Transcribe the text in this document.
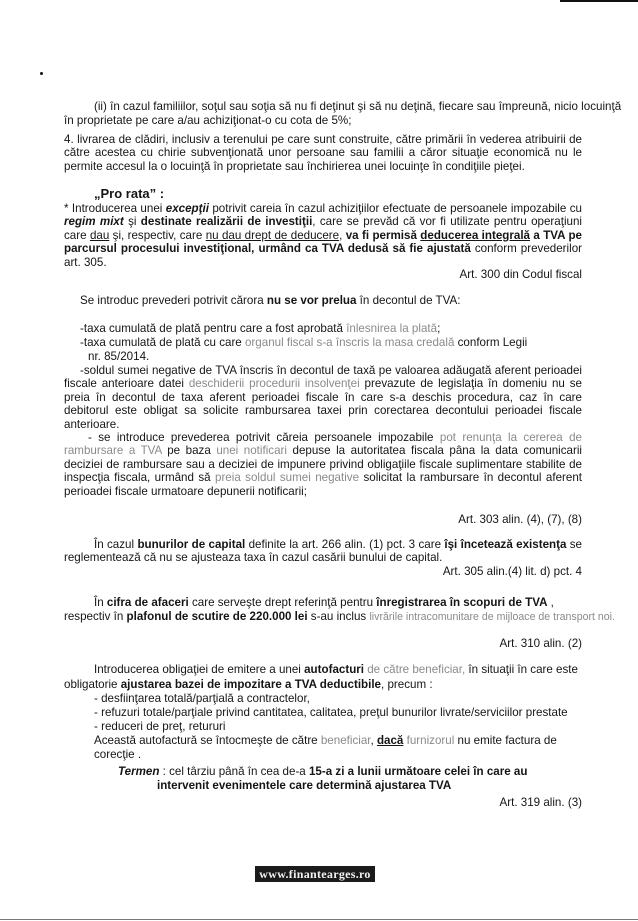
(ii) în cazul familiilor, soţul sau soţia să nu fi deţinut şi să nu deţină, fiecare sau împreună, nicio locuinţă
în proprietate pe care a/au achiziţionat-o cu cota de 5%;
4. livrarea de clădiri, inclusiv a terenului pe care sunt construite, către primării în vederea atribuirii de către acestea cu chirie subvenţionată unor persoane sau familii a căror situaţie economică nu le permite accesul la o locuinţă în proprietate sau închirierea unei locuinţe în condiţiile pieţei.
„Pro rata” :
* Introducerea unei excepţii potrivit careia în cazul achiziţiilor efectuate de persoanele impozabile cu regim mixt şi destinate realizării de investiţii, care se prevăd că vor fi utilizate pentru operaţiuni care dau şi, respectiv, care nu dau drept de deducere, va fi permisă deducerea integrală a TVA pe parcursul procesului investiţional, urmând ca TVA dedusă să fie ajustată conform prevederilor art. 305.
Art. 300 din Codul fiscal
Se introduc prevederi potrivit cărora nu se vor prelua în decontul de TVA:
-taxa cumulată de plată pentru care a fost aprobată înlesnirea la plată;
-taxa cumulată de plată cu care organul fiscal s-a înscris la masa credală conform Legii
nr. 85/2014.
-soldul sumei negative de TVA înscris în decontul de taxă pe valoarea adăugată aferent perioadei fiscale anterioare datei deschiderii procedurii insolvenţei prevazute de legislaţia în domeniu nu se preia în decontul de taxa aferent perioadei fiscale în care s-a deschis procedura, caz în care debitorul este obligat sa solicite rambursarea taxei prin corectarea decontului perioadei fiscale anterioare.
- se introduce prevederea potrivit căreia persoanele impozabile pot renunţa la cererea de rambursare a TVA pe baza unei notificari depuse la autoritatea fiscala pâna la data comunicarii deciziei de rambursare sau a deciziei de impunere privind obligaţiile fiscale suplimentare stabilite de inspecţia fiscala, urmând să preia soldul sumei negative solicitat la rambursare în decontul aferent perioadei fiscale urmatoare depunerii notificarii;
Art. 303 alin. (4), (7), (8)
În cazul bunurilor de capital definite la art. 266 alin. (1) pct. 3 care îşi încetează existenţa se reglementează că nu se ajusteaza taxa în cazul casării bunului de capital.
Art. 305 alin.(4) lit. d) pct. 4
În cifra de afaceri care serveşte drept referinţă pentru înregistrarea în scopuri de TVA ,
respectiv în plafonul de scutire de 220.000 lei s-au inclus livrările intracomunitare de mijloace de transport noi.
Art. 310 alin. (2)
Introducerea obligaţiei de emitere a unei autofacturi de către beneficiar, în situaţii în care este
obligatorie ajustarea bazei de impozitare a TVA deductibile, precum :
- desfiinţarea totală/parţială a contractelor,
- refuzuri totale/parţiale privind cantitatea, calitatea, preţul bunurilor livrate/serviciilor prestate
- reduceri de preţ, retururi
Această autofactură se întocmeşte de către beneficiar, dacă furnizorul nu emite factura de
corecţie .
Termen : cel târziu până în cea de-a 15-a zi a lunii următoare celei în care au
intervenit evenimentele care determină ajustarea TVA
Art. 319 alin. (3)
www.finantearges.ro
